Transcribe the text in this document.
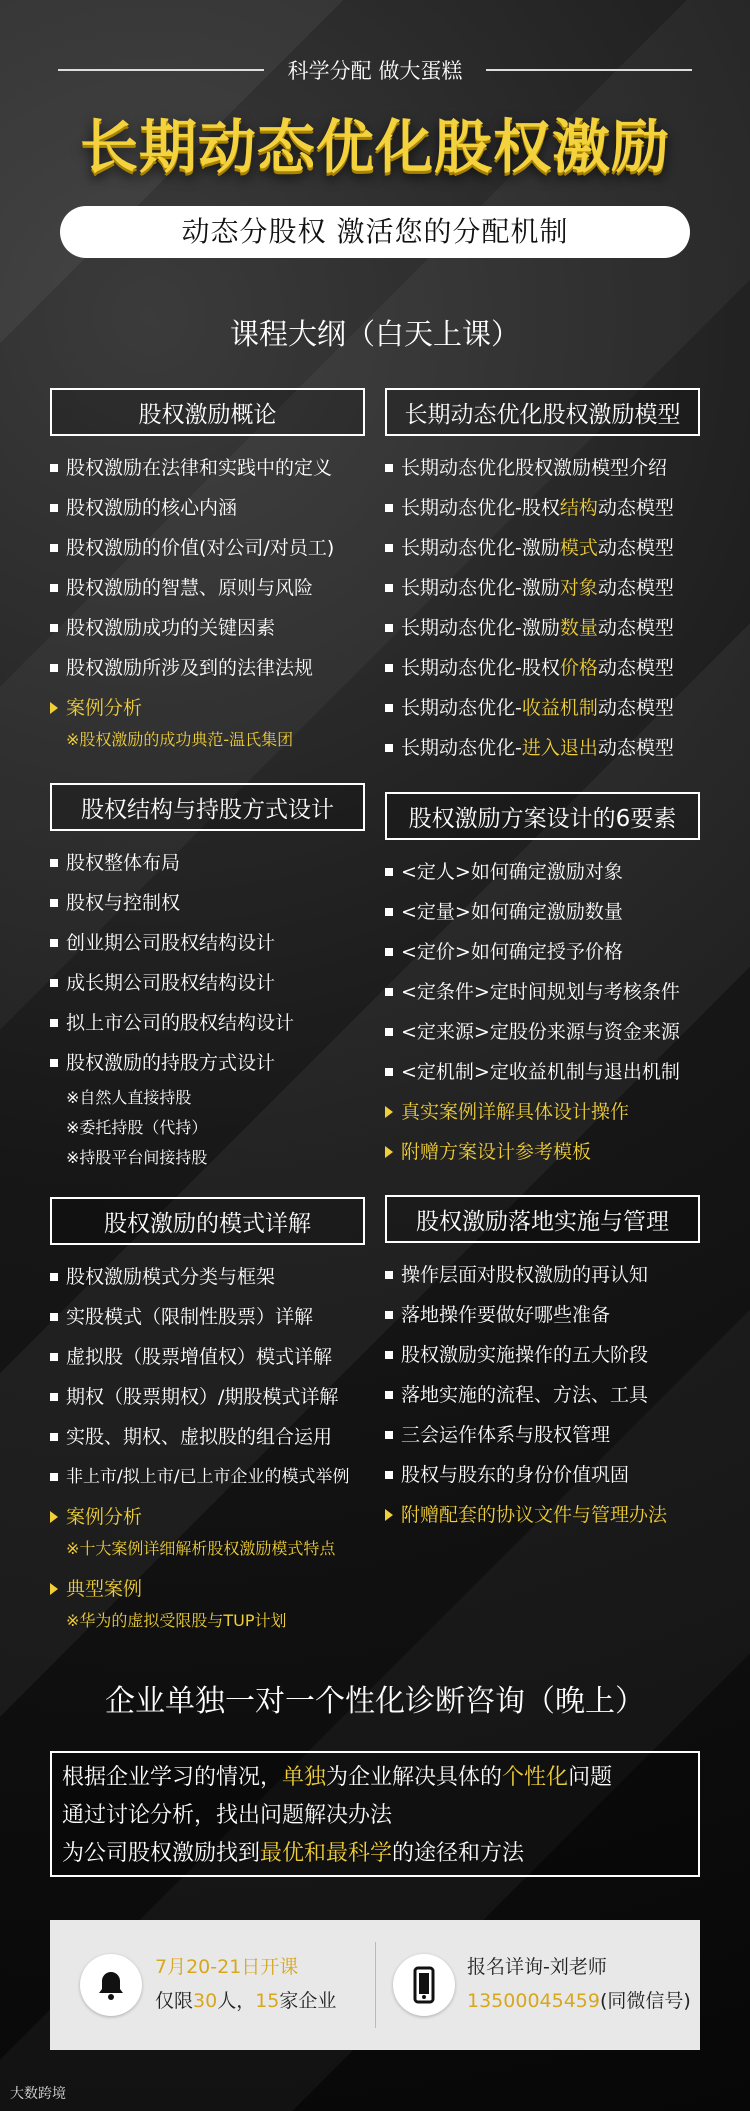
科学分配 做大蛋糕
长期动态优化股权激励
动态分股权 激活您的分配机制
课程大纲（白天上课）
股权激励概论
股权激励在法律和实践中的定义
股权激励的核心内涵
股权激励的价值(对公司/对员工)
股权激励的智慧、原则与风险
股权激励成功的关键因素
股权激励所涉及到的法律法规
案例分析
※股权激励的成功典范-温氏集团
股权结构与持股方式设计
股权整体布局
股权与控制权
创业期公司股权结构设计
成长期公司股权结构设计
拟上市公司的股权结构设计
股权激励的持股方式设计
※自然人直接持股
※委托持股（代持）
※持股平台间接持股
股权激励的模式详解
股权激励模式分类与框架
实股模式（限制性股票）详解
虚拟股（股票增值权）模式详解
期权（股票期权）/期股模式详解
实股、期权、虚拟股的组合运用
非上市/拟上市/已上市企业的模式举例
案例分析
※十大案例详细解析股权激励模式特点
典型案例
※华为的虚拟受限股与TUP计划
长期动态优化股权激励模型
长期动态优化股权激励模型介绍
长期动态优化-股权结构动态模型
长期动态优化-激励模式动态模型
长期动态优化-激励对象动态模型
长期动态优化-激励数量动态模型
长期动态优化-股权价格动态模型
长期动态优化-收益机制动态模型
长期动态优化-进入退出动态模型
股权激励方案设计的6要素
<定人>如何确定激励对象
<定量>如何确定激励数量
<定价>如何确定授予价格
<定条件>定时间规划与考核条件
<定来源>定股份来源与资金来源
<定机制>定收益机制与退出机制
真实案例详解具体设计操作
附赠方案设计参考模板
股权激励落地实施与管理
操作层面对股权激励的再认知
落地操作要做好哪些准备
股权激励实施操作的五大阶段
落地实施的流程、方法、工具
三会运作体系与股权管理
股权与股东的身份价值巩固
附赠配套的协议文件与管理办法
企业单独一对一个性化诊断咨询（晚上）
根据企业学习的情况，单独为企业解决具体的个性化问题
通过讨论分析，找出问题解决办法
为公司股权激励找到最优和最科学的途径和方法
7月20-21日开课
仅限30人，15家企业
报名详询-刘老师
13500045459(同微信号)
大数跨境
